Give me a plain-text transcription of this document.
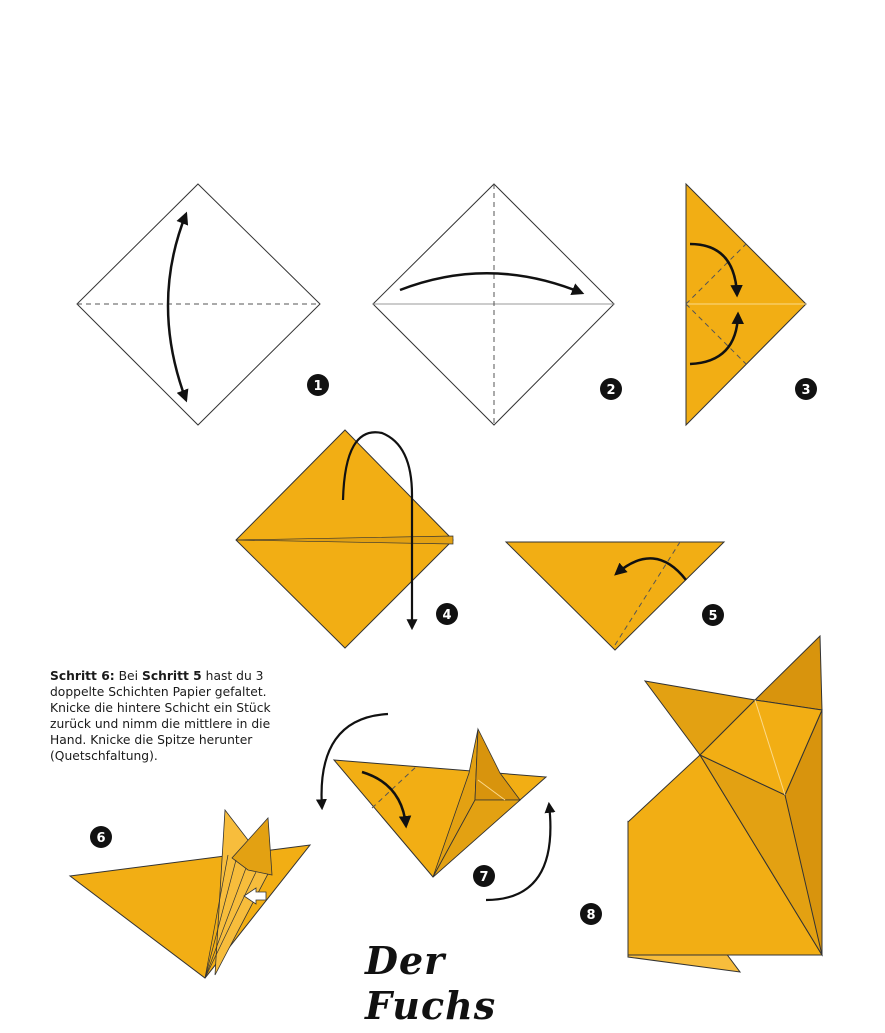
1	2	3
4	5
6
7
8

Schritt 6: Bei Schritt 5 hast du 3 doppelte Schichten Papier gefaltet. Knicke die hintere Schicht ein Stück zurück und nimm die mittlere in die Hand. Knicke die Spitze herunter (Quetschfaltung).

Der Fuchs
